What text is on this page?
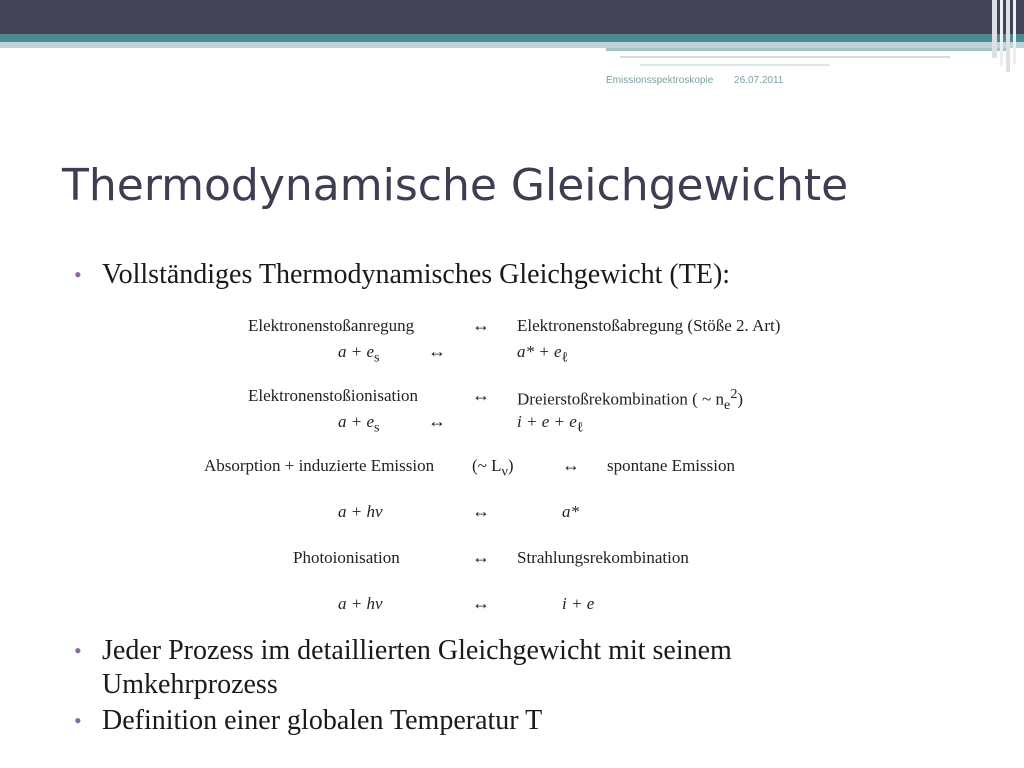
Emissionsspektroskopie 26.07.2011
Thermodynamische Gleichgewichte
• Vollständiges Thermodynamisches Gleichgewicht (TE):
Elektronenstoßanregung	↔ Elektronenstoßabregung (Stöße 2. Art)
$a + e_s$	↔	$a* + e_\ell$
Elektronenstoßionisation	↔ Dreierstoßrekombination ( ~ $n_e^2$)
$a + e_s$	↔	$i + e + e_\ell$
Absorption + induzierte Emission (~ $L_\nu$)	↔ spontane Emission
a + hν	↔	a*
Photoionisation	↔ Strahlungsrekombination
a + hν	↔	i + e
• Jeder Prozess im detaillierten Gleichgewicht mit seinem
Umkehrprozess
• Definition einer globalen Temperatur T
